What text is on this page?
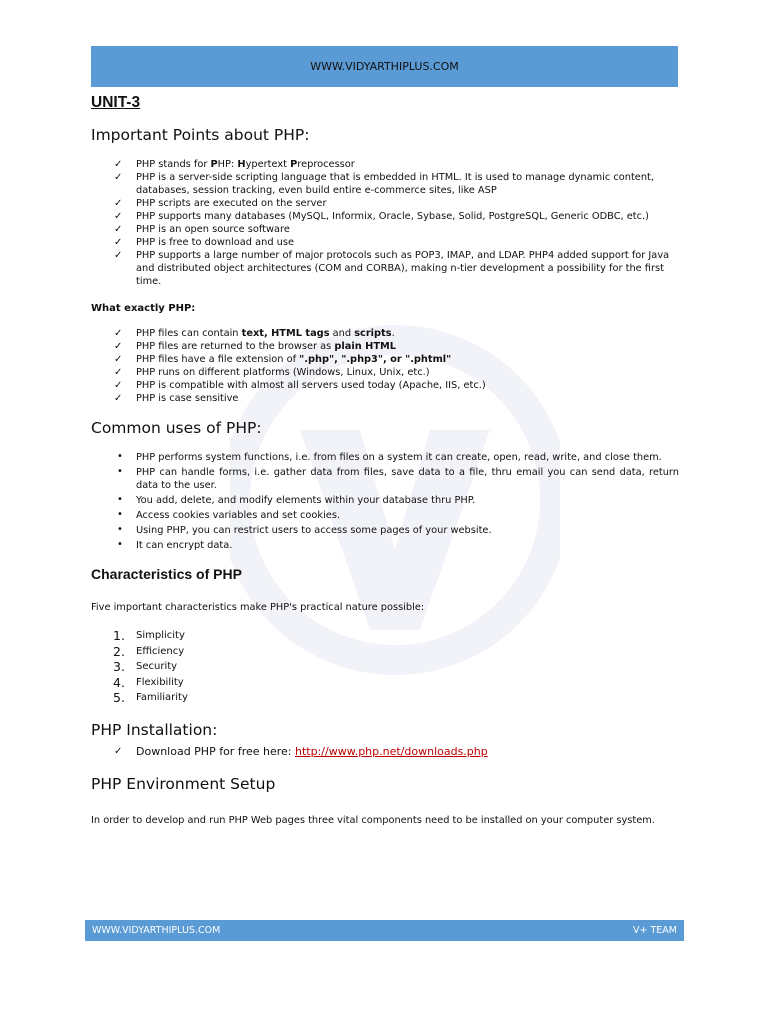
WWW.VIDYARTHIPLUS.COM
UNIT-3
Important Points about PHP:
✓ PHP stands for PHP: Hypertext Preprocessor
✓ PHP is a server-side scripting language that is embedded in HTML. It is used to manage dynamic content, databases, session tracking, even build entire e-commerce sites, like ASP
✓ PHP scripts are executed on the server
✓ PHP supports many databases (MySQL, Informix, Oracle, Sybase, Solid, PostgreSQL, Generic ODBC, etc.)
✓ PHP is an open source software
✓ PHP is free to download and use
✓ PHP supports a large number of major protocols such as POP3, IMAP, and LDAP. PHP4 added support for Java and distributed object architectures (COM and CORBA), making n-tier development a possibility for the first time.
What exactly PHP:
✓ PHP files can contain text, HTML tags and scripts.
✓ PHP files are returned to the browser as plain HTML
✓ PHP files have a file extension of ".php", ".php3", or ".phtml"
✓ PHP runs on different platforms (Windows, Linux, Unix, etc.)
✓ PHP is compatible with almost all servers used today (Apache, IIS, etc.)
✓ PHP is case sensitive
Common uses of PHP:
• PHP performs system functions, i.e. from files on a system it can create, open, read, write, and close them.
• PHP can handle forms, i.e. gather data from files, save data to a file, thru email you can send data, return data to the user.
• You add, delete, and modify elements within your database thru PHP.
• Access cookies variables and set cookies.
• Using PHP, you can restrict users to access some pages of your website.
• It can encrypt data.
Characteristics of PHP

Five important characteristics make PHP's practical nature possible:

1. Simplicity
2. Efficiency
3. Security
4. Flexibility
5. Familiarity
PHP Installation:
✓ Download PHP for free here: http://www.php.net/downloads.php
PHP Environment Setup

In order to develop and run PHP Web pages three vital components need to be installed on your computer system.

WWW.VIDYARTHIPLUS.COM	V+ TEAM
